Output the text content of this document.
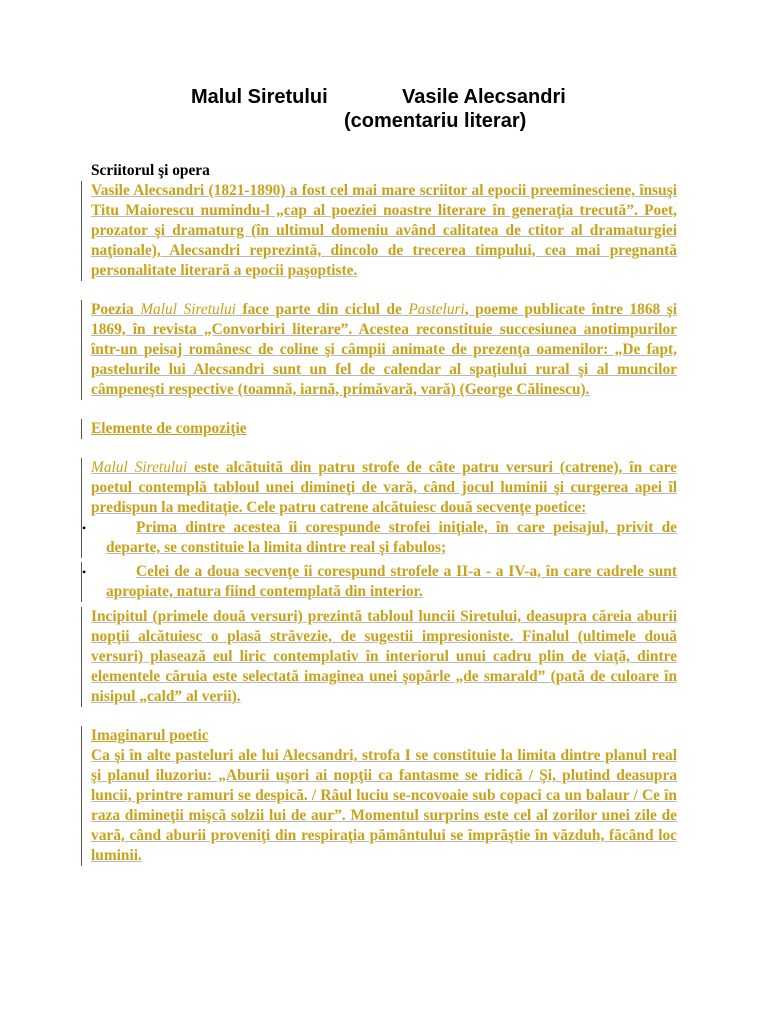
Malul Siretului	Vasile Alecsandri
(comentariu literar)

Scriitorul şi opera

Vasile Alecsandri (1821-1890) a fost cel mai mare scriitor al epocii preeminesciene, însuşi Titu Maiorescu numindu-l „cap al poeziei noastre literare în generaţia trecută”. Poet, prozator şi dramaturg (în ultimul domeniu având calitatea de ctitor al dramaturgiei naţionale), Alecsandri reprezintă, dincolo de trecerea timpului, cea mai pregnantă personalitate literară a epocii paşoptiste.

Poezia Malul Siretului face parte din ciclul de Pasteluri, poeme publicate între 1868 şi 1869, în revista „Convorbiri literare”. Acestea reconstituie succesiunea anotimpurilor într-un peisaj românesc de coline şi câmpii animate de prezenţa oamenilor: „De fapt, pastelurile lui Alecsandri sunt un fel de calendar al spaţiului rural şi al muncilor câmpeneşti respective (toamnă, iarnă, primăvară, vară) (George Călinescu).

Elemente de compoziţie

Malul Siretului este alcătuită din patru strofe de câte patru versuri (catrene), în care poetul contemplă tabloul unei dimineţi de vară, când jocul luminii şi curgerea apei îl predispun la meditaţie. Cele patru catrene alcătuiesc două secvenţe poetice:

•	Prima dintre acestea îi corespunde strofei iniţiale, în care peisajul, privit de departe, se constituie la limita dintre real şi fabulos;

•	Celei de a doua secvenţe îi corespund strofele a II-a - a IV-a, în care cadrele sunt apropiate, natura fiind contemplată din interior.

Incipitul (primele două versuri) prezintă tabloul luncii Siretului, deasupra căreia aburii nopţii alcătuiesc o plasă străvezie, de sugestii impresioniste. Finalul (ultimele două versuri) plasează eul liric contemplativ în interiorul unui cadru plin de viaţă, dintre elementele căruia este selectată imaginea unei şopârle „de smarald” (pată de culoare în nisipul „cald” al verii).

Imaginarul poetic

Ca şi în alte pasteluri ale lui Alecsandri, strofa I se constituie la limita dintre planul real şi planul iluzoriu: „Aburii uşori ai nopţii ca fantasme se ridică / Şi, plutind deasupra luncii, printre ramuri se despică. / Râul luciu se-ncovoaie sub copaci ca un balaur / Ce în raza dimineţii mişcă solzii lui de aur”. Momentul surprins este cel al zorilor unei zile de vară, când aburii proveniţi din respiraţia pământului se împrăştie în văzduh, făcând loc luminii.
